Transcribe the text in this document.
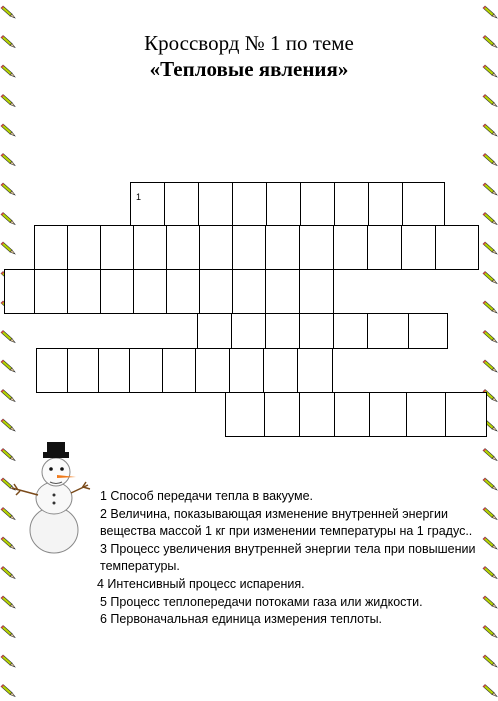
Кроссворд № 1 по теме
«Тепловые явления»
1
1 Способ передачи тепла в вакууме.
2 Величина, показывающая изменение внутренней энергии вещества массой 1 кг при изменении температуры на 1 градус..
3 Процесс увеличения внутренней энергии тела при повышении температуры.
4 Интенсивный процесс испарения.
5 Процесс теплопередачи потоками газа или жидкости.
6 Первоначальная единица измерения теплоты.
